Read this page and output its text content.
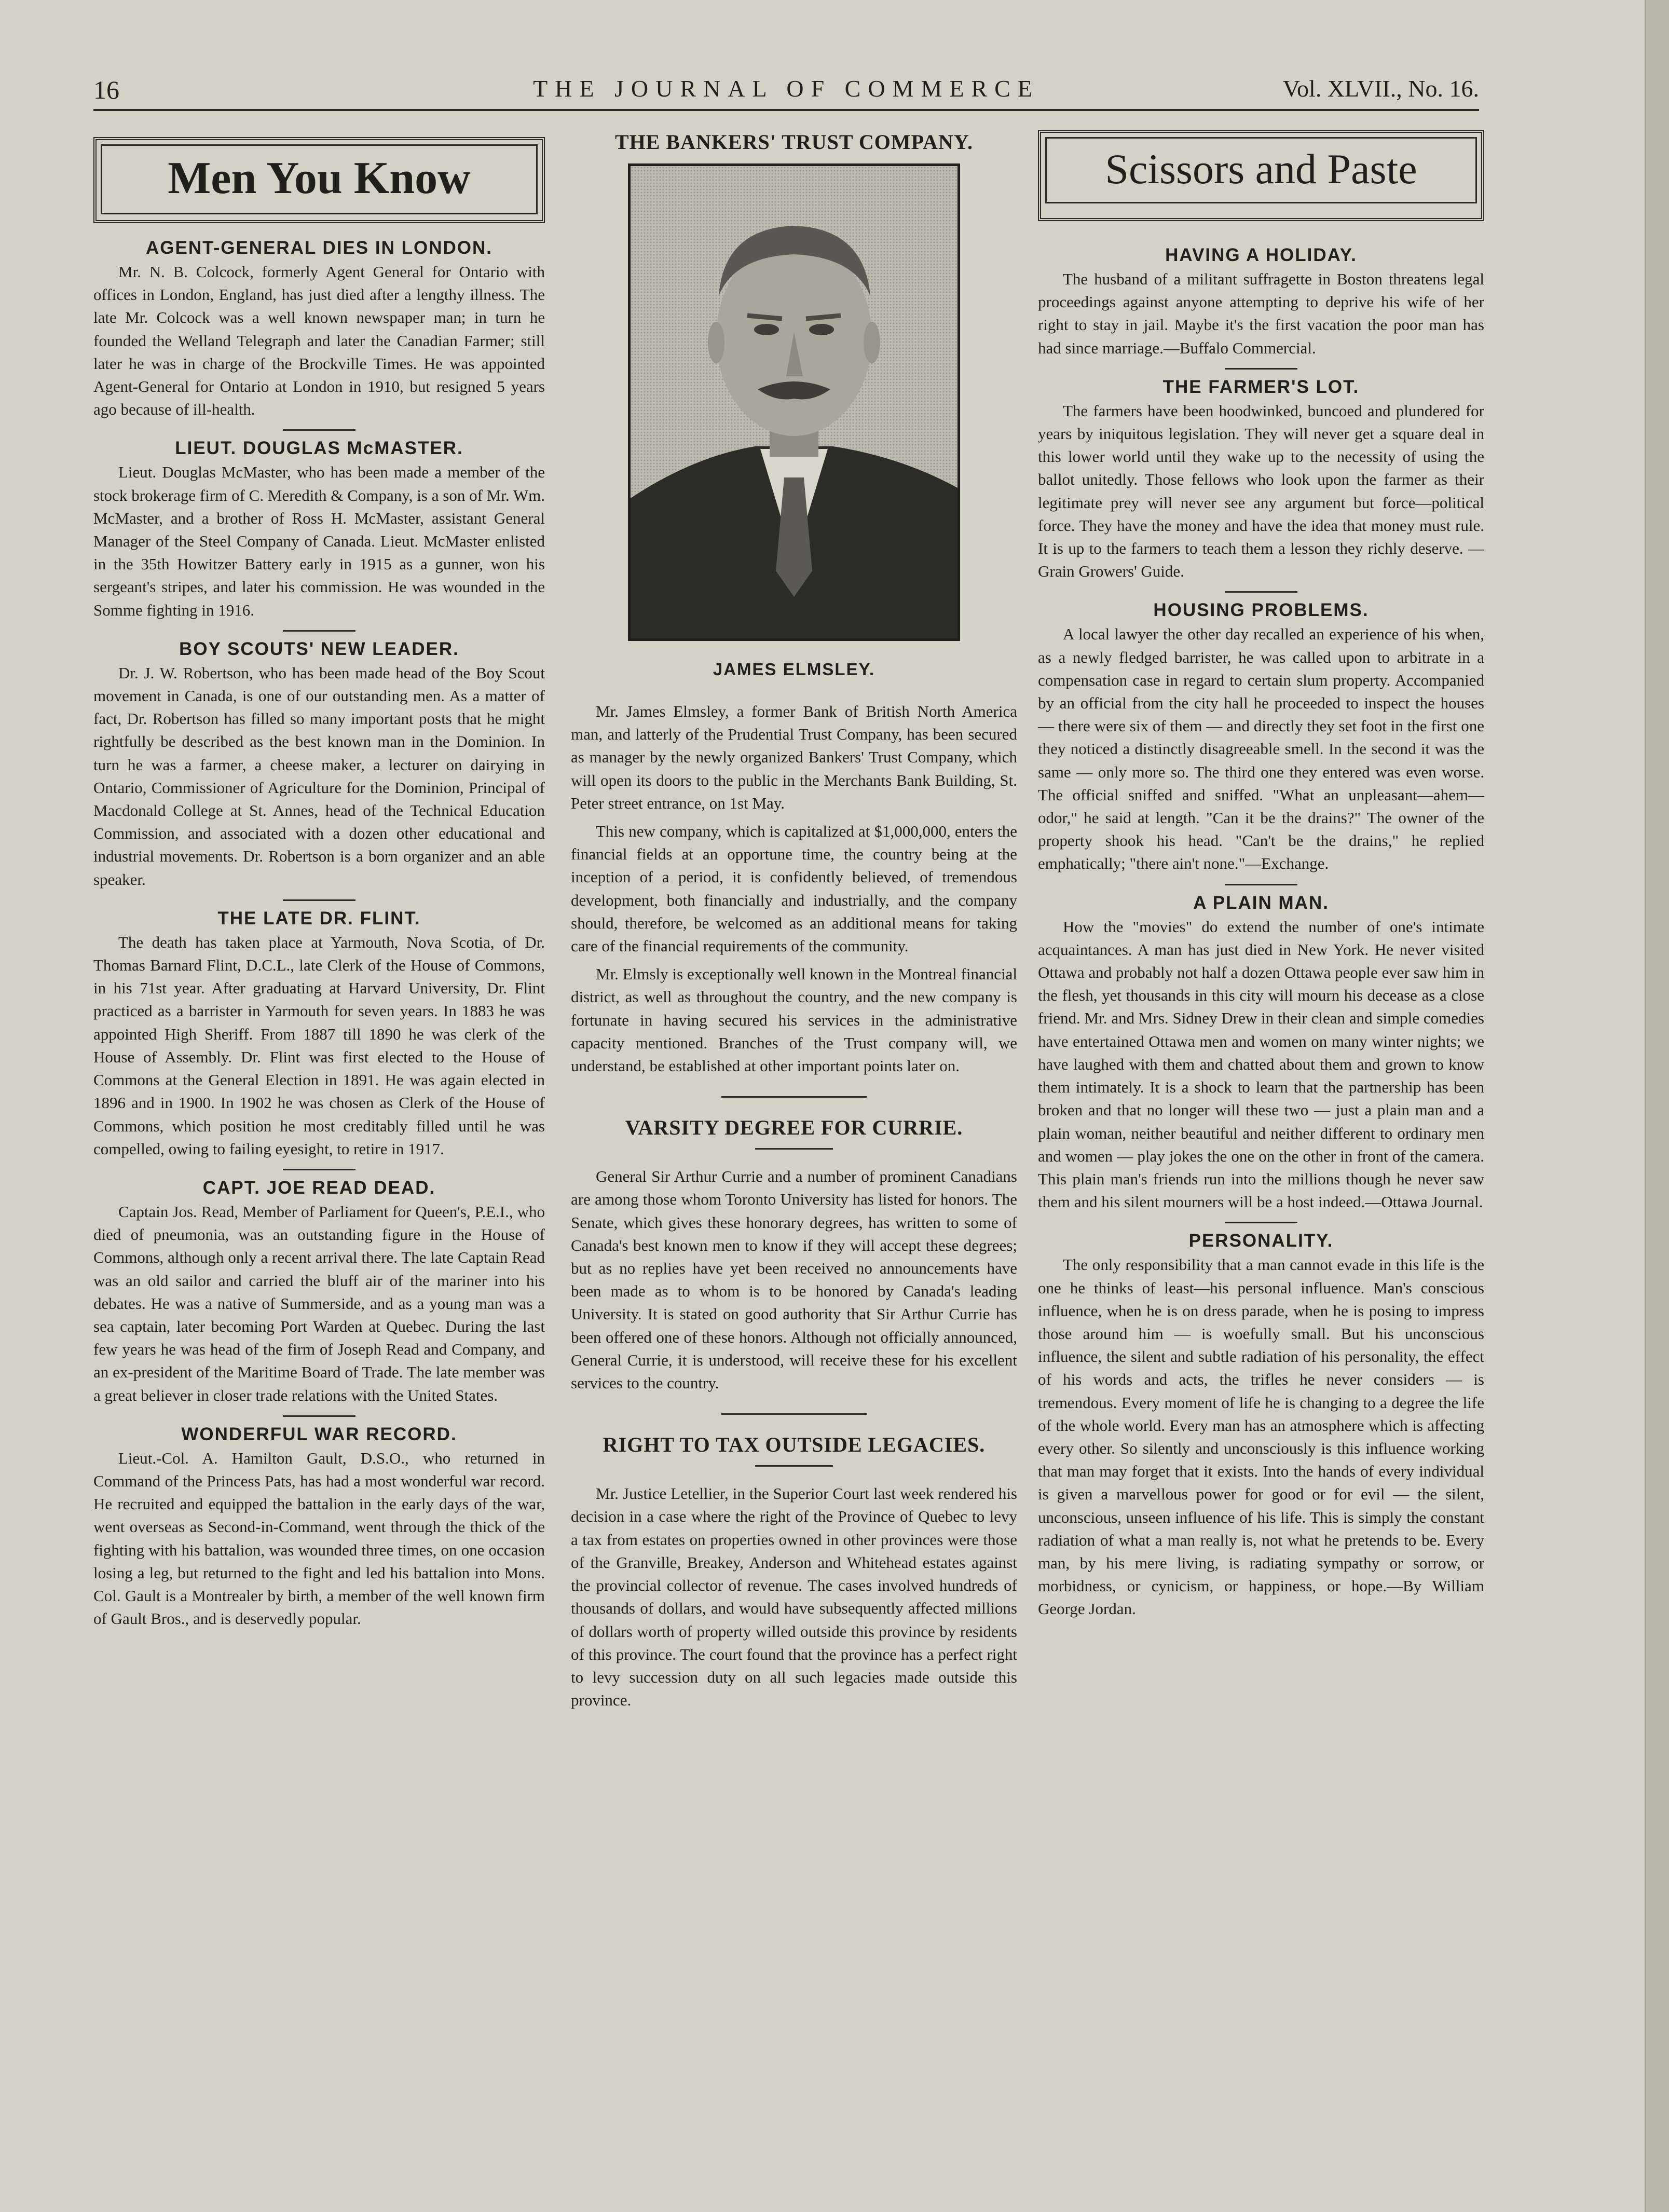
16	THE JOURNAL OF COMMERCE	Vol. XLVII., No. 16.
Men You Know
AGENT-GENERAL DIES IN LONDON.

Mr. N. B. Colcock, formerly Agent General for Ontario with offices in London, England, has just died after a lengthy illness. The late Mr. Colcock was a well known newspaper man; in turn he founded the Welland Telegraph and later the Canadian Farmer; still later he was in charge of the Brockville Times. He was appointed Agent-General for Ontario at London in 1910, but resigned 5 years ago because of ill-health.

LIEUT. DOUGLAS McMASTER.

Lieut. Douglas McMaster, who has been made a member of the stock brokerage firm of C. Meredith & Company, is a son of Mr. Wm. McMaster, and a brother of Ross H. McMaster, assistant General Manager of the Steel Company of Canada. Lieut. McMaster enlisted in the 35th Howitzer Battery early in 1915 as a gunner, won his sergeant's stripes, and later his commission. He was wounded in the Somme fighting in 1916.

BOY SCOUTS' NEW LEADER.

Dr. J. W. Robertson, who has been made head of the Boy Scout movement in Canada, is one of our outstanding men. As a matter of fact, Dr. Robertson has filled so many important posts that he might rightfully be described as the best known man in the Dominion. In turn he was a farmer, a cheese maker, a lecturer on dairying in Ontario, Commissioner of Agriculture for the Dominion, Principal of Macdonald College at St. Annes, head of the Technical Education Commission, and associated with a dozen other educational and industrial movements. Dr. Robertson is a born organizer and an able speaker.

THE LATE DR. FLINT.

The death has taken place at Yarmouth, Nova Scotia, of Dr. Thomas Barnard Flint, D.C.L., late Clerk of the House of Commons, in his 71st year. After graduating at Harvard University, Dr. Flint practiced as a barrister in Yarmouth for seven years. In 1883 he was appointed High Sheriff. From 1887 till 1890 he was clerk of the House of Assembly. Dr. Flint was first elected to the House of Commons at the General Election in 1891. He was again elected in 1896 and in 1900. In 1902 he was chosen as Clerk of the House of Commons, which position he most creditably filled until he was compelled, owing to failing eyesight, to retire in 1917.

CAPT. JOE READ DEAD.

Captain Jos. Read, Member of Parliament for Queen's, P.E.I., who died of pneumonia, was an outstanding figure in the House of Commons, although only a recent arrival there. The late Captain Read was an old sailor and carried the bluff air of the mariner into his debates. He was a native of Summerside, and as a young man was a sea captain, later becoming Port Warden at Quebec. During the last few years he was head of the firm of Joseph Read and Company, and an ex-president of the Maritime Board of Trade. The late member was a great believer in closer trade relations with the United States.

WONDERFUL WAR RECORD.

Lieut.-Col. A. Hamilton Gault, D.S.O., who returned in Command of the Princess Pats, has had a most wonderful war record. He recruited and equipped the battalion in the early days of the war, went overseas as Second-in-Command, went through the thick of the fighting with his battalion, was wounded three times, on one occasion losing a leg, but returned to the fight and led his battalion into Mons. Col. Gault is a Montrealer by birth, a member of the well known firm of Gault Bros., and is deservedly popular.

THE BANKERS' TRUST COMPANY.
JAMES ELMSLEY.

Mr. James Elmsley, a former Bank of British North America man, and latterly of the Prudential Trust Company, has been secured as manager by the newly organized Bankers' Trust Company, which will open its doors to the public in the Merchants Bank Building, St. Peter street entrance, on 1st May.

This new company, which is capitalized at $1,000,000, enters the financial fields at an opportune time, the country being at the inception of a period, it is confidently believed, of tremendous development, both financially and industrially, and the company should, therefore, be welcomed as an additional means for taking care of the financial requirements of the community.

Mr. Elmsly is exceptionally well known in the Montreal financial district, as well as throughout the country, and the new company is fortunate in having secured his services in the administrative capacity mentioned. Branches of the Trust company will, we understand, be established at other important points later on.

VARSITY DEGREE FOR CURRIE.

General Sir Arthur Currie and a number of prominent Canadians are among those whom Toronto University has listed for honors. The Senate, which gives these honorary degrees, has written to some of Canada's best known men to know if they will accept these degrees; but as no replies have yet been received no announcements have been made as to whom is to be honored by Canada's leading University. It is stated on good authority that Sir Arthur Currie has been offered one of these honors. Although not officially announced, General Currie, it is understood, will receive these for his excellent services to the country.

RIGHT TO TAX OUTSIDE LEGACIES.

Mr. Justice Letellier, in the Superior Court last week rendered his decision in a case where the right of the Province of Quebec to levy a tax from estates on properties owned in other provinces were those of the Granville, Breakey, Anderson and Whitehead estates against the provincial collector of revenue. The cases involved hundreds of thousands of dollars, and would have subsequently affected millions of dollars worth of property willed outside this province by residents of this province. The court found that the province has a perfect right to levy succession duty on all such legacies made outside this province.

Scissors and Paste
HAVING A HOLIDAY.

The husband of a militant suffragette in Boston threatens legal proceedings against anyone attempting to deprive his wife of her right to stay in jail. Maybe it's the first vacation the poor man has had since marriage.—Buffalo Commercial.

THE FARMER'S LOT.

The farmers have been hoodwinked, buncoed and plundered for years by iniquitous legislation. They will never get a square deal in this lower world until they wake up to the necessity of using the ballot unitedly. Those fellows who look upon the farmer as their legitimate prey will never see any argument but force—political force. They have the money and have the idea that money must rule. It is up to the farmers to teach them a lesson they richly deserve. — Grain Growers' Guide.

HOUSING PROBLEMS.

A local lawyer the other day recalled an experience of his when, as a newly fledged barrister, he was called upon to arbitrate in a compensation case in regard to certain slum property. Accompanied by an official from the city hall he proceeded to inspect the houses — there were six of them — and directly they set foot in the first one they noticed a distinctly disagreeable smell. In the second it was the same — only more so. The third one they entered was even worse. The official sniffed and sniffed. "What an unpleasant—ahem—odor," he said at length. "Can it be the drains?" The owner of the property shook his head. "Can't be the drains," he replied emphatically; "there ain't none."—Exchange.

A PLAIN MAN.

How the "movies" do extend the number of one's intimate acquaintances. A man has just died in New York. He never visited Ottawa and probably not half a dozen Ottawa people ever saw him in the flesh, yet thousands in this city will mourn his decease as a close friend. Mr. and Mrs. Sidney Drew in their clean and simple comedies have entertained Ottawa men and women on many winter nights; we have laughed with them and chatted about them and grown to know them intimately. It is a shock to learn that the partnership has been broken and that no longer will these two — just a plain man and a plain woman, neither beautiful and neither different to ordinary men and women — play jokes the one on the other in front of the camera. This plain man's friends run into the millions though he never saw them and his silent mourners will be a host indeed.—Ottawa Journal.

PERSONALITY.

The only responsibility that a man cannot evade in this life is the one he thinks of least—his personal influence. Man's conscious influence, when he is on dress parade, when he is posing to impress those around him — is woefully small. But his unconscious influence, the silent and subtle radiation of his personality, the effect of his words and acts, the trifles he never considers — is tremendous. Every moment of life he is changing to a degree the life of the whole world. Every man has an atmosphere which is affecting every other. So silently and unconsciously is this influence working that man may forget that it exists. Into the hands of every individual is given a marvellous power for good or for evil — the silent, unconscious, unseen influence of his life. This is simply the constant radiation of what a man really is, not what he pretends to be. Every man, by his mere living, is radiating sympathy or sorrow, or morbidness, or cynicism, or happiness, or hope.—By William George Jordan.
